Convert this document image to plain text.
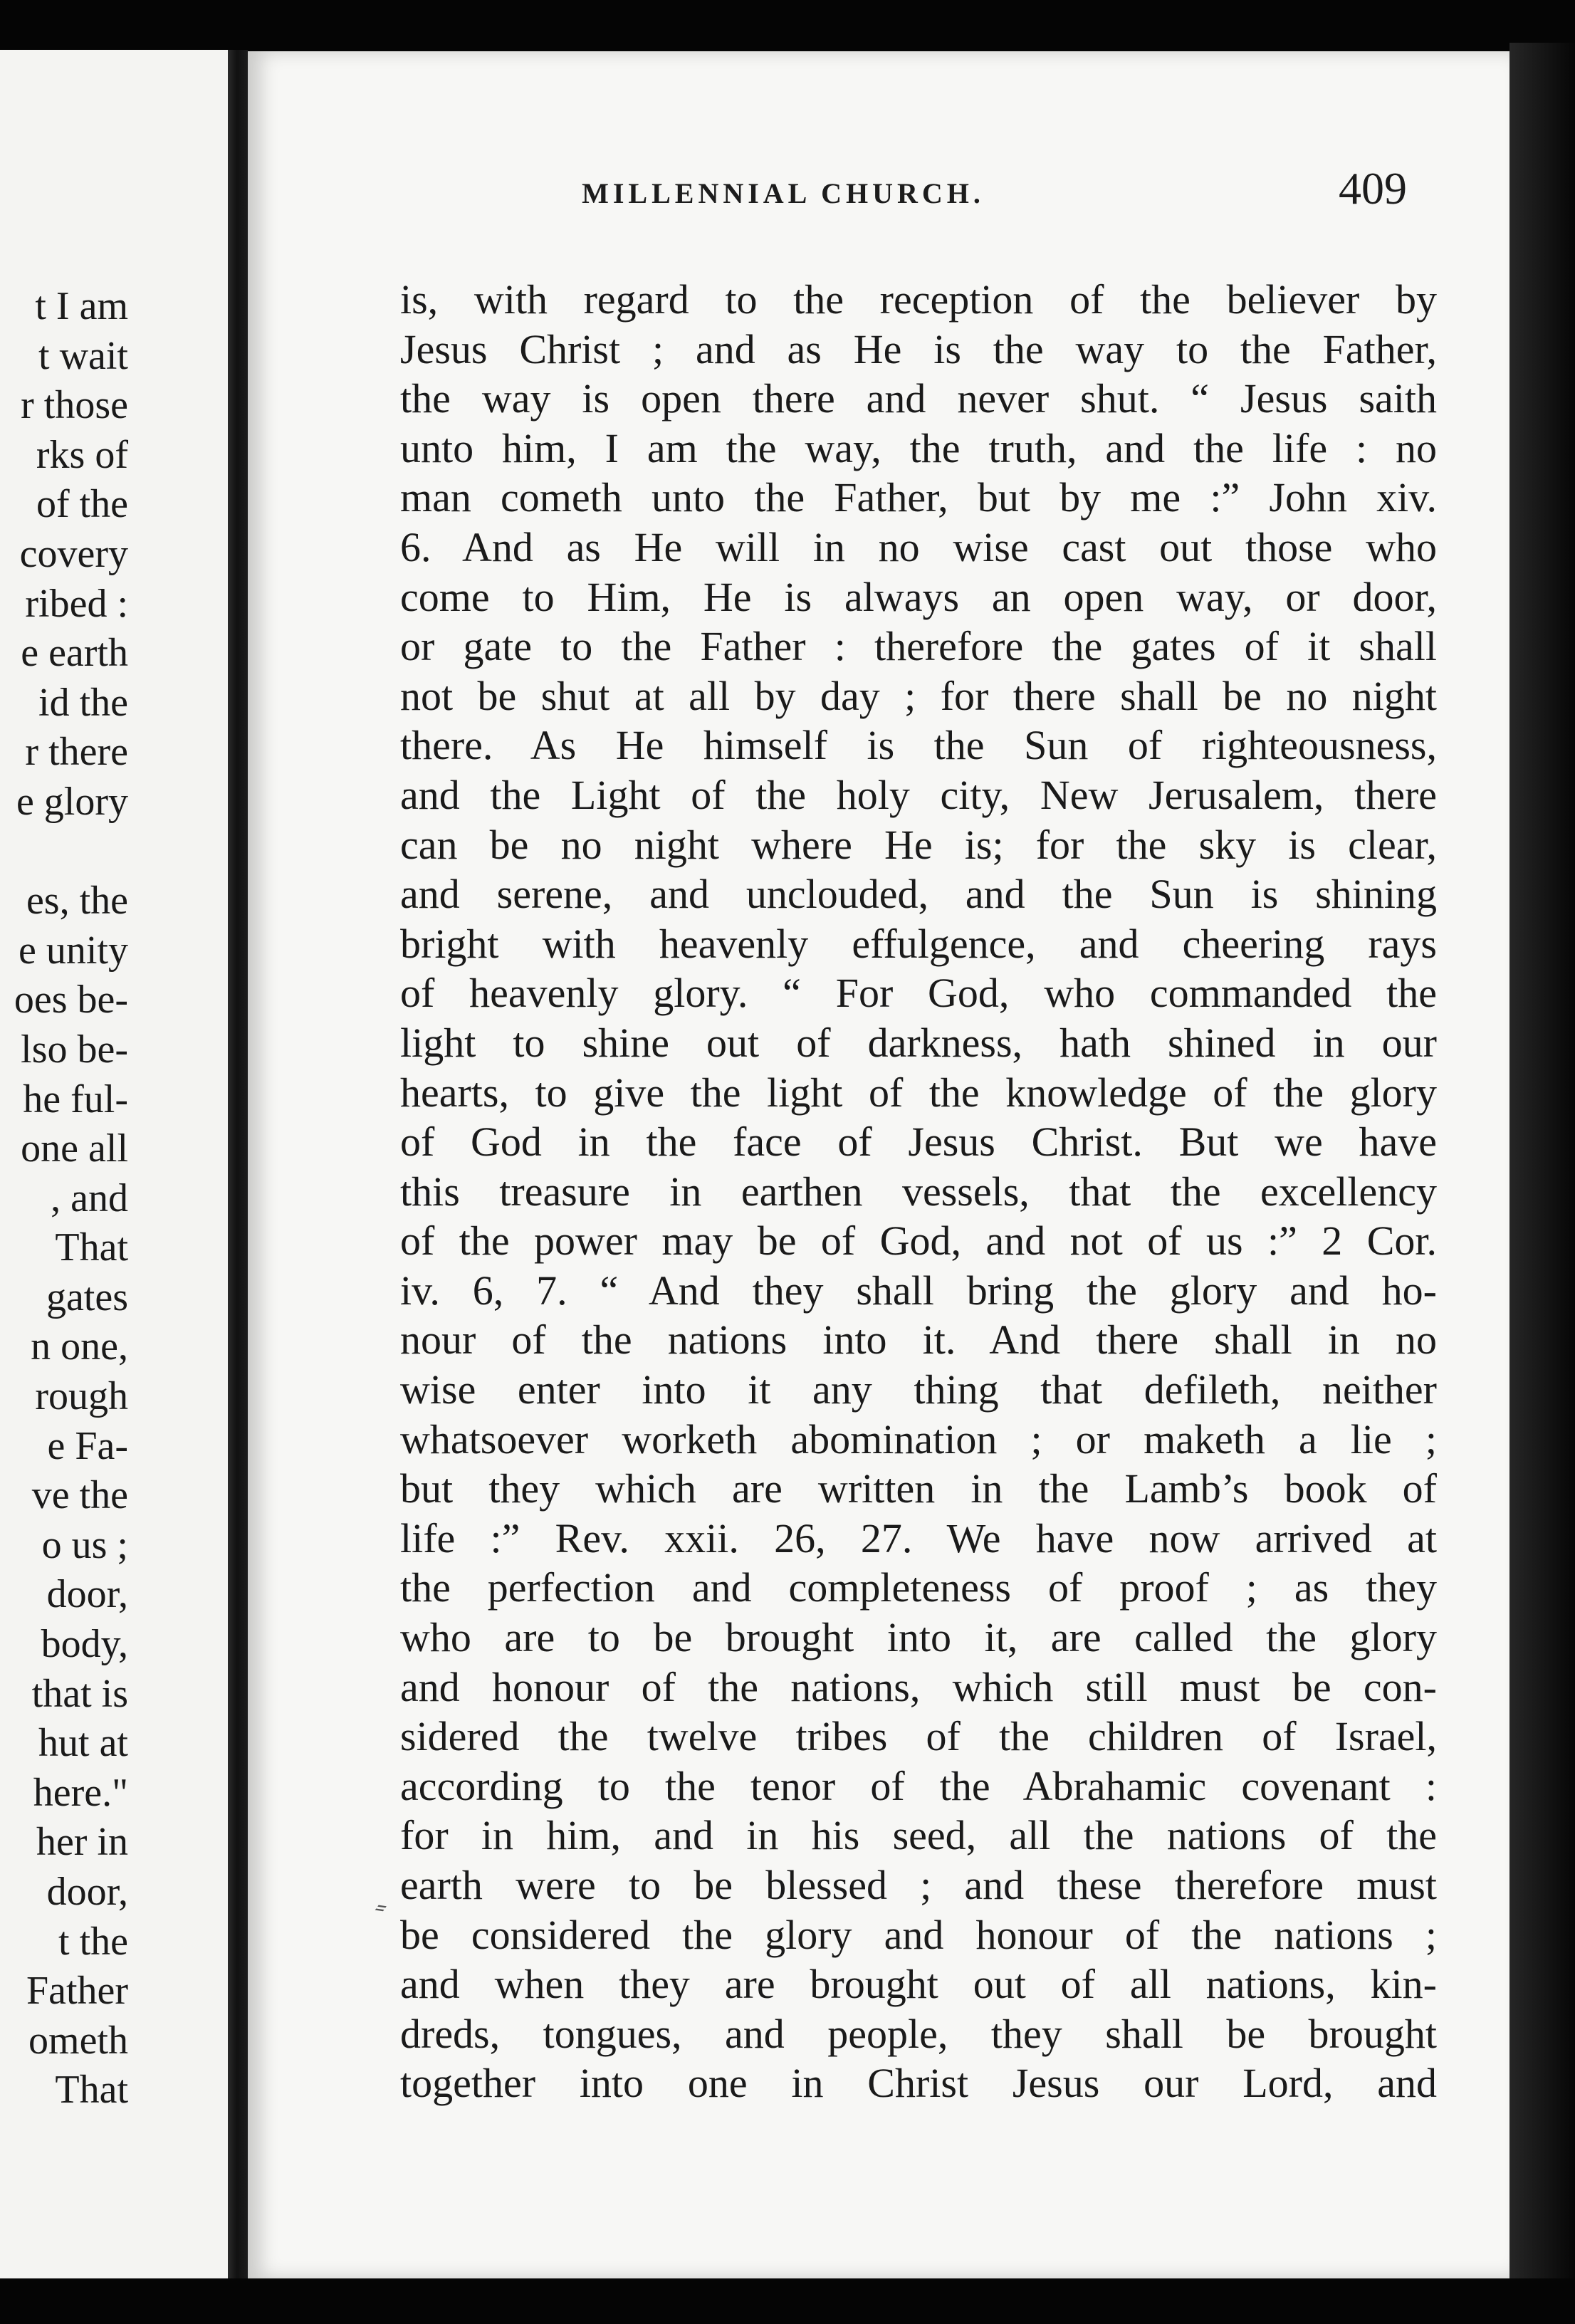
t I am
t wait
r those
rks of
of the
covery
ribed :
e earth
id the
r there
e glory
es, the
e unity
oes be-
lso be-
he ful-
one all
, and
That
gates
n one,
rough
e Fa-
ve the
o us ;
door,
body,
that is
hut at
here."
her in
door,
t the
Father
ometh
That
MILLENNIAL CHURCH.	409
is, with regard to the reception of the believer by
Jesus Christ ; and as He is the way to the Father,
the way is open there and never shut. “ Jesus saith
unto him, I am the way, the truth, and the life : no
man cometh unto the Father, but by me :” John xiv.
6. And as He will in no wise cast out those who
come to Him, He is always an open way, or door,
or gate to the Father : therefore the gates of it shall
not be shut at all by day ; for there shall be no night
there. As He himself is the Sun of righteousness,
and the Light of the holy city, New Jerusalem, there
can be no night where He is; for the sky is clear,
and serene, and unclouded, and the Sun is shining
bright with heavenly effulgence, and cheering rays
of heavenly glory. “ For God, who commanded the
light to shine out of darkness, hath shined in our
hearts, to give the light of the knowledge of the glory
of God in the face of Jesus Christ. But we have
this treasure in earthen vessels, that the excellency
of the power may be of God, and not of us :” 2 Cor.
iv. 6, 7. “ And they shall bring the glory and ho-
nour of the nations into it. And there shall in no
wise enter into it any thing that defileth, neither
whatsoever worketh abomination ; or maketh a lie ;
but they which are written in the Lamb’s book of
life :” Rev. xxii. 26, 27. We have now arrived at
the perfection and completeness of proof ; as they
who are to be brought into it, are called the glory
and honour of the nations, which still must be con-
sidered the twelve tribes of the children of Israel,
according to the tenor of the Abrahamic covenant :
for in him, and in his seed, all the nations of the
earth were to be blessed ; and these therefore must
be considered the glory and honour of the nations ;
and when they are brought out of all nations, kin-
dreds, tongues, and people, they shall be brought
together into one in Christ Jesus our Lord, and
⸗
